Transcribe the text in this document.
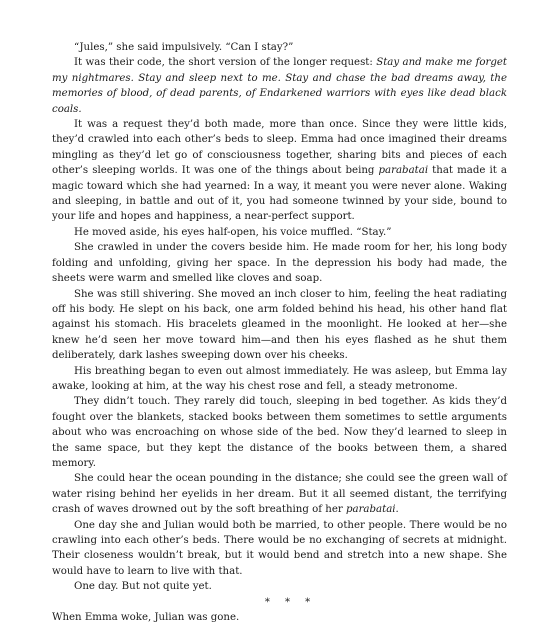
“Jules,” she said impulsively. “Can I stay?”

It was their code, the short version of the longer request: Stay and make me forget my nightmares. Stay and sleep next to me. Stay and chase the bad dreams away, the memories of blood, of dead parents, of Endarkened warriors with eyes like dead black coals.

It was a request they’d both made, more than once. Since they were little kids, they’d crawled into each other’s beds to sleep. Emma had once imagined their dreams mingling as they’d let go of consciousness together, sharing bits and pieces of each other’s sleeping worlds. It was one of the things about being parabatai that made it a magic toward which she had yearned: In a way, it meant you were never alone. Waking and sleeping, in battle and out of it, you had someone twinned by your side, bound to your life and hopes and happiness, a near-perfect support.

He moved aside, his eyes half-open, his voice muffled. “Stay.”

She crawled in under the covers beside him. He made room for her, his long body folding and unfolding, giving her space. In the depression his body had made, the sheets were warm and smelled like cloves and soap.

She was still shivering. She moved an inch closer to him, feeling the heat radiating off his body. He slept on his back, one arm folded behind his head, his other hand flat against his stomach. His bracelets gleamed in the moonlight. He looked at her—she knew he’d seen her move toward him—and then his eyes flashed as he shut them deliberately, dark lashes sweeping down over his cheeks.

His breathing began to even out almost immediately. He was asleep, but Emma lay awake, looking at him, at the way his chest rose and fell, a steady metronome.

They didn’t touch. They rarely did touch, sleeping in bed together. As kids they’d fought over the blankets, stacked books between them sometimes to settle arguments about who was encroaching on whose side of the bed. Now they’d learned to sleep in the same space, but they kept the distance of the books between them, a shared memory.

She could hear the ocean pounding in the distance; she could see the green wall of water rising behind her eyelids in her dream. But it all seemed distant, the terrifying crash of waves drowned out by the soft breathing of her parabatai.

One day she and Julian would both be married, to other people. There would be no crawling into each other’s beds. There would be no exchanging of secrets at midnight. Their closeness wouldn’t break, but it would bend and stretch into a new shape. She would have to learn to live with that.

One day. But not quite yet.

* * *

When Emma woke, Julian was gone.
